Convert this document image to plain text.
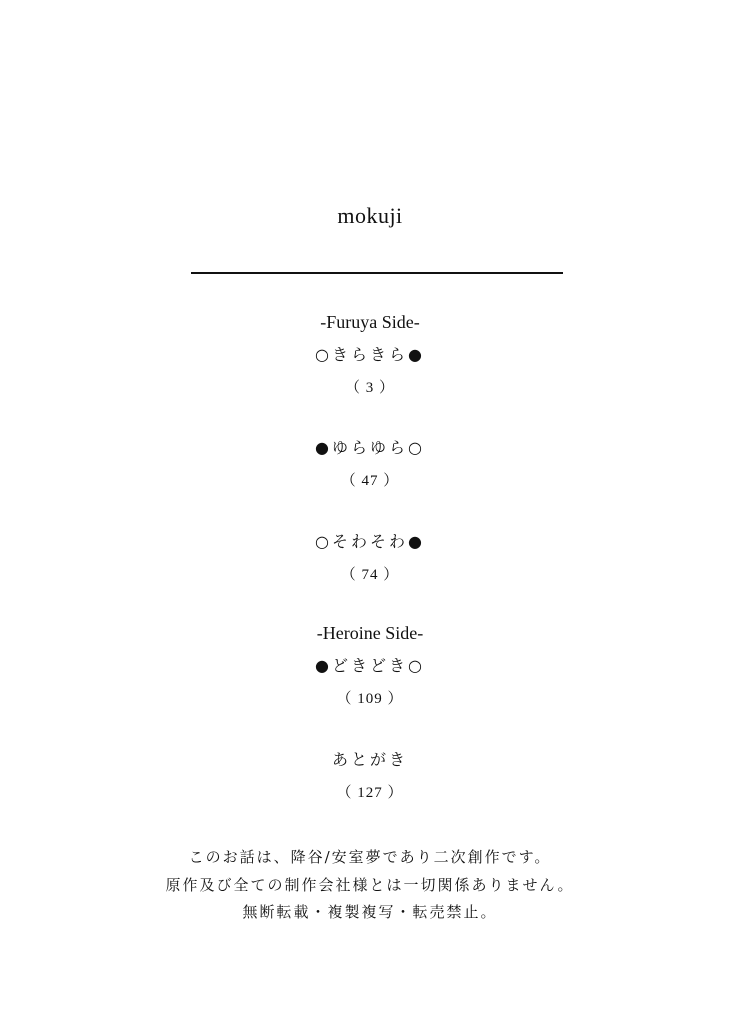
mokuji
-Furuya Side-
○きらきら●
（ 3 ）
●ゆらゆら○
（ 47 ）
○そわそわ●
（ 74 ）
-Heroine Side-
●どきどき○
（ 109 ）
あとがき
（ 127 ）
このお話は、降谷/安室夢であり二次創作です。
原作及び全ての制作会社様とは一切関係ありません。
無断転載・複製複写・転売禁止。
